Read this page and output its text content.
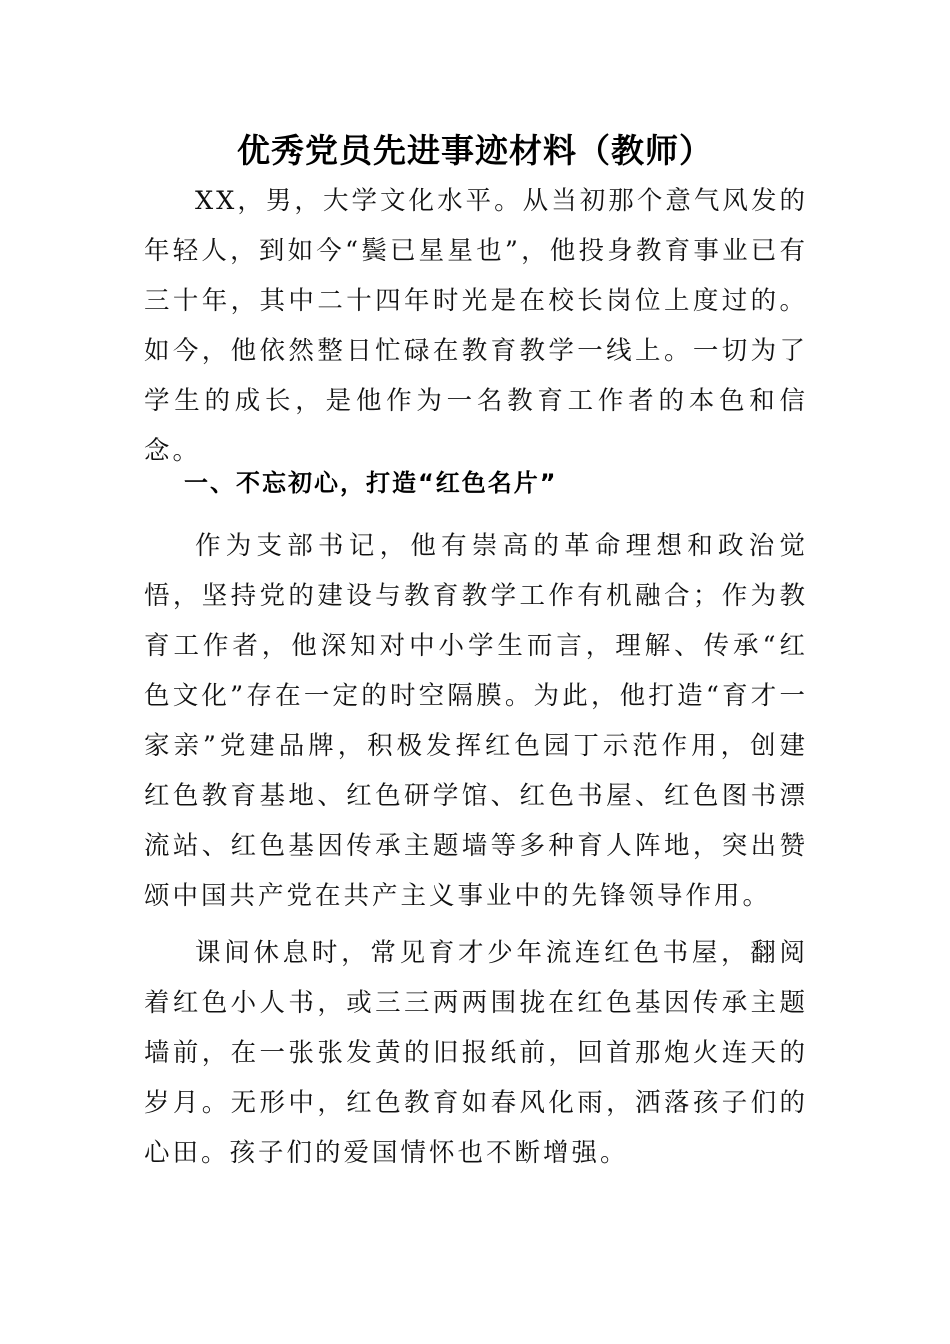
优秀党员先进事迹材料（教师）

XX，男，大学文化水平。从当初那个意气风发的年轻人，到如今“鬓已星星也”，他投身教育事业已有三十年，其中二十四年时光是在校长岗位上度过的。如今，他依然整日忙碌在教育教学一线上。一切为了学生的成长，是他作为一名教育工作者的本色和信念。

一、不忘初心，打造“红色名片”

作为支部书记，他有崇高的革命理想和政治觉悟，坚持党的建设与教育教学工作有机融合；作为教育工作者，他深知对中小学生而言，理解、传承“红色文化”存在一定的时空隔膜。为此，他打造“育才一家亲”党建品牌，积极发挥红色园丁示范作用，创建红色教育基地、红色研学馆、红色书屋、红色图书漂流站、红色基因传承主题墙等多种育人阵地，突出赞颂中国共产党在共产主义事业中的先锋领导作用。

课间休息时，常见育才少年流连红色书屋，翻阅着红色小人书，或三三两两围拢在红色基因传承主题墙前，在一张张发黄的旧报纸前，回首那炮火连天的岁月。无形中，红色教育如春风化雨，洒落孩子们的心田。孩子们的爱国情怀也不断增强。
